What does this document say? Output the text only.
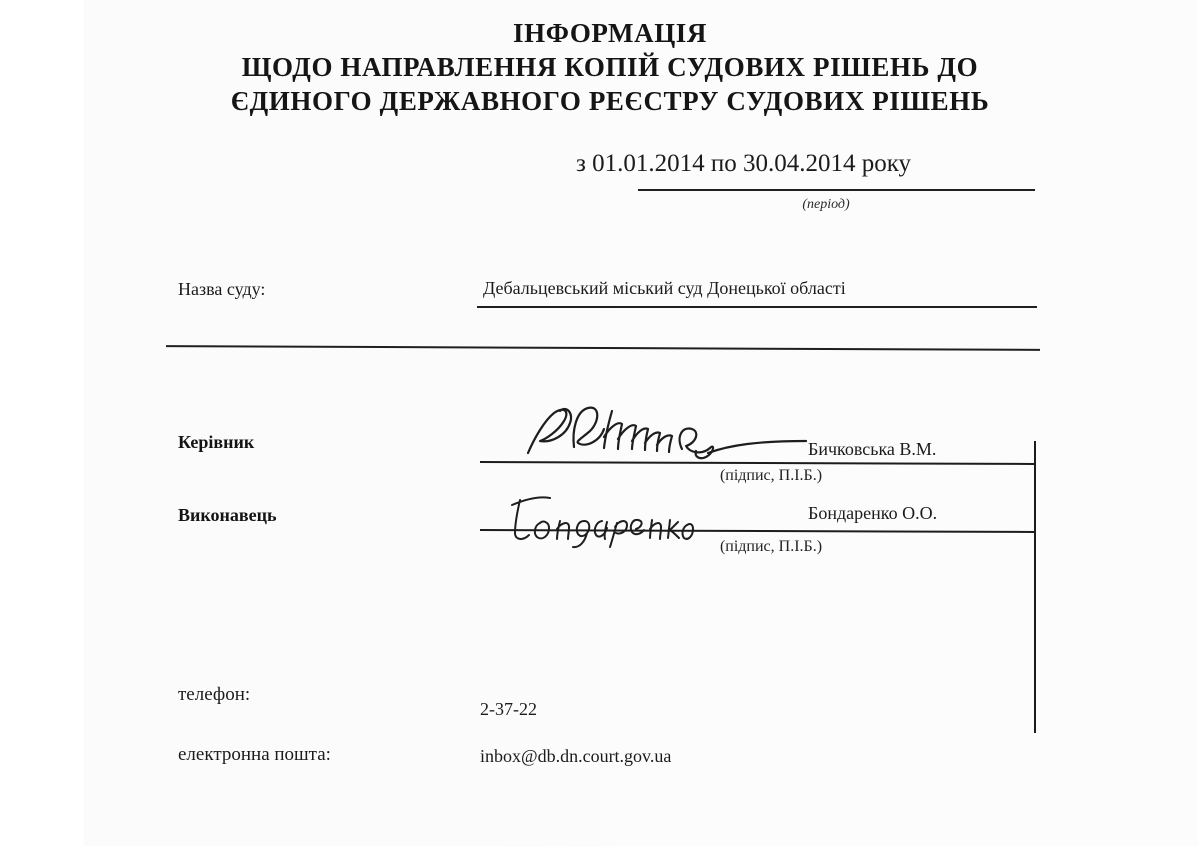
ІНФОРМАЦІЯ
ЩОДО НАПРАВЛЕННЯ КОПІЙ СУДОВИХ РІШЕНЬ ДО
ЄДИНОГО ДЕРЖАВНОГО РЕЄСТРУ СУДОВИХ РІШЕНЬ
з 01.01.2014 по 30.04.2014 року
(період)
Назва суду:	Дебальцевський міський суд Донецької області
Керівник	Бичковська В.М.
(підпис, П.І.Б.)
Виконавець	Бондаренко О.О.
(підпис, П.І.Б.)
телефон:
2-37-22
електронна пошта:	inbox@db.dn.court.gov.ua
